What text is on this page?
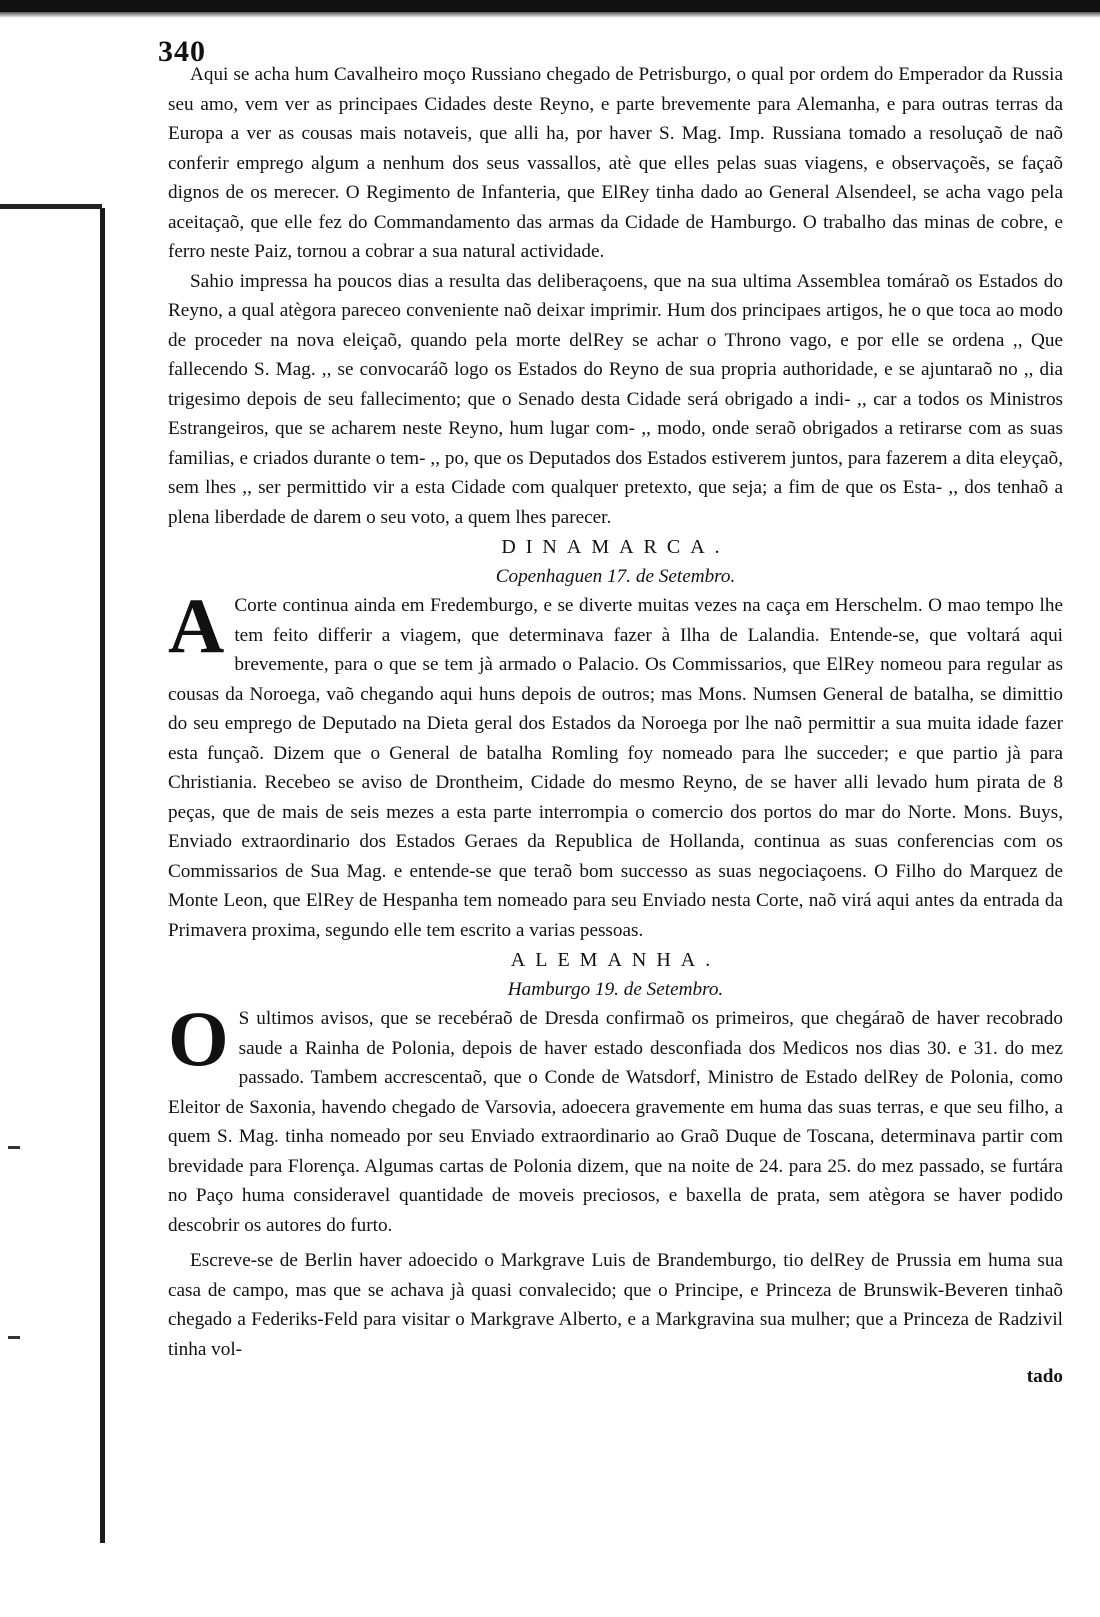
340

Aqui se acha hum Cavalheiro moço Russiano chegado de Petrisburgo, o qual por ordem do Emperador da Russia seu amo, vem ver as principaes Cidades deste Reyno, e parte brevemente para Alemanha, e para outras terras da Europa a ver as cousas mais notaveis, que alli ha, por haver S. Mag. Imp. Russiana tomado a resoluçaõ de naõ conferir emprego algum a nenhum dos seus vassallos, atè que elles pelas suas viagens, e observaçoẽs, se façaõ dignos de os merecer. O Regimento de Infanteria, que ElRey tinha dado ao General Alsendeel, se acha vago pela aceitaçaõ, que elle fez do Commandamento das armas da Cidade de Hamburgo. O trabalho das minas de cobre, e ferro neste Paiz, tornou a cobrar a sua natural actividade.

Sahio impressa ha poucos dias a resulta das deliberaçoens, que na sua ultima Assemblea tomáraõ os Estados do Reyno, a qual atègora pareceo conveniente naõ deixar imprimir. Hum dos principaes artigos, he o que toca ao modo de proceder na nova eleiçaõ, quando pela morte delRey se achar o Throno vago, e por elle se ordena ,, Que fallecendo S. Mag. ,, se convocaráõ logo os Estados do Reyno de sua propria authoridade, e se ajuntaraõ no ,, dia trigesimo depois de seu fallecimento; que o Senado desta Cidade será obrigado a indi- ,, car a todos os Ministros Estrangeiros, que se acharem neste Reyno, hum lugar com- ,, modo, onde seraõ obrigados a retirarse com as suas familias, e criados durante o tem- ,, po, que os Deputados dos Estados estiverem juntos, para fazerem a dita eleyçaõ, sem lhes ,, ser permittido vir a esta Cidade com qualquer pretexto, que seja; a fim de que os Esta- ,, dos tenhaõ a plena liberdade de darem o seu voto, a quem lhes parecer.

DINAMARCA.

Copenhaguen 17. de Setembro.

A Corte continua ainda em Fredemburgo, e se diverte muitas vezes na caça em Herschelm. O mao tempo lhe tem feito differir a viagem, que determinava fazer à Ilha de Lalandia. Entende-se, que voltará aqui brevemente, para o que se tem jà armado o Palacio. Os Commissarios, que ElRey nomeou para regular as cousas da Noroega, vaõ chegando aqui huns depois de outros; mas Mons. Numsen General de batalha, se dimittio do seu emprego de Deputado na Dieta geral dos Estados da Noroega por lhe naõ permittir a sua muita idade fazer esta funçaõ. Dizem que o General de batalha Romling foy nomeado para lhe succeder; e que partio jà para Christiania. Recebeo se aviso de Drontheim, Cidade do mesmo Reyno, de se haver alli levado hum pirata de 8 peças, que de mais de seis mezes a esta parte interrompia o comercio dos portos do mar do Norte. Mons. Buys, Enviado extraordinario dos Estados Geraes da Republica de Hollanda, continua as suas conferencias com os Commissarios de Sua Mag. e entende-se que teraõ bom successo as suas negociaçoens. O Filho do Marquez de Monte Leon, que ElRey de Hespanha tem nomeado para seu Enviado nesta Corte, naõ virá aqui antes da entrada da Primavera proxima, segundo elle tem escrito a varias pessoas.

ALEMANHA.

Hamburgo 19. de Setembro.

O S ultimos avisos, que se recebéraõ de Dresda confirmaõ os primeiros, que chegáraõ de haver recobrado saude a Rainha de Polonia, depois de haver estado desconfiada dos Medicos nos dias 30. e 31. do mez passado. Tambem accrescentaõ, que o Conde de Watsdorf, Ministro de Estado delRey de Polonia, como Eleitor de Saxonia, havendo chegado de Varsovia, adoecera gravemente em huma das suas terras, e que seu filho, a quem S. Mag. tinha nomeado por seu Enviado extraordinario ao Graõ Duque de Toscana, determinava partir com brevidade para Florença. Algumas cartas de Polonia dizem, que na noite de 24. para 25. do mez passado, se furtára no Paço huma consideravel quantidade de moveis preciosos, e baxella de prata, sem atègora se haver podido descobrir os autores do furto.

Escreve-se de Berlin haver adoecido o Markgrave Luis de Brandemburgo, tio delRey de Prussia em huma sua casa de campo, mas que se achava jà quasi convalecido; que o Principe, e Princeza de Brunswik-Beveren tinhaõ chegado a Federiks-Feld para visitar o Markgrave Alberto, e a Markgravina sua mulher; que a Princeza de Radzivil tinha vol-

tado
